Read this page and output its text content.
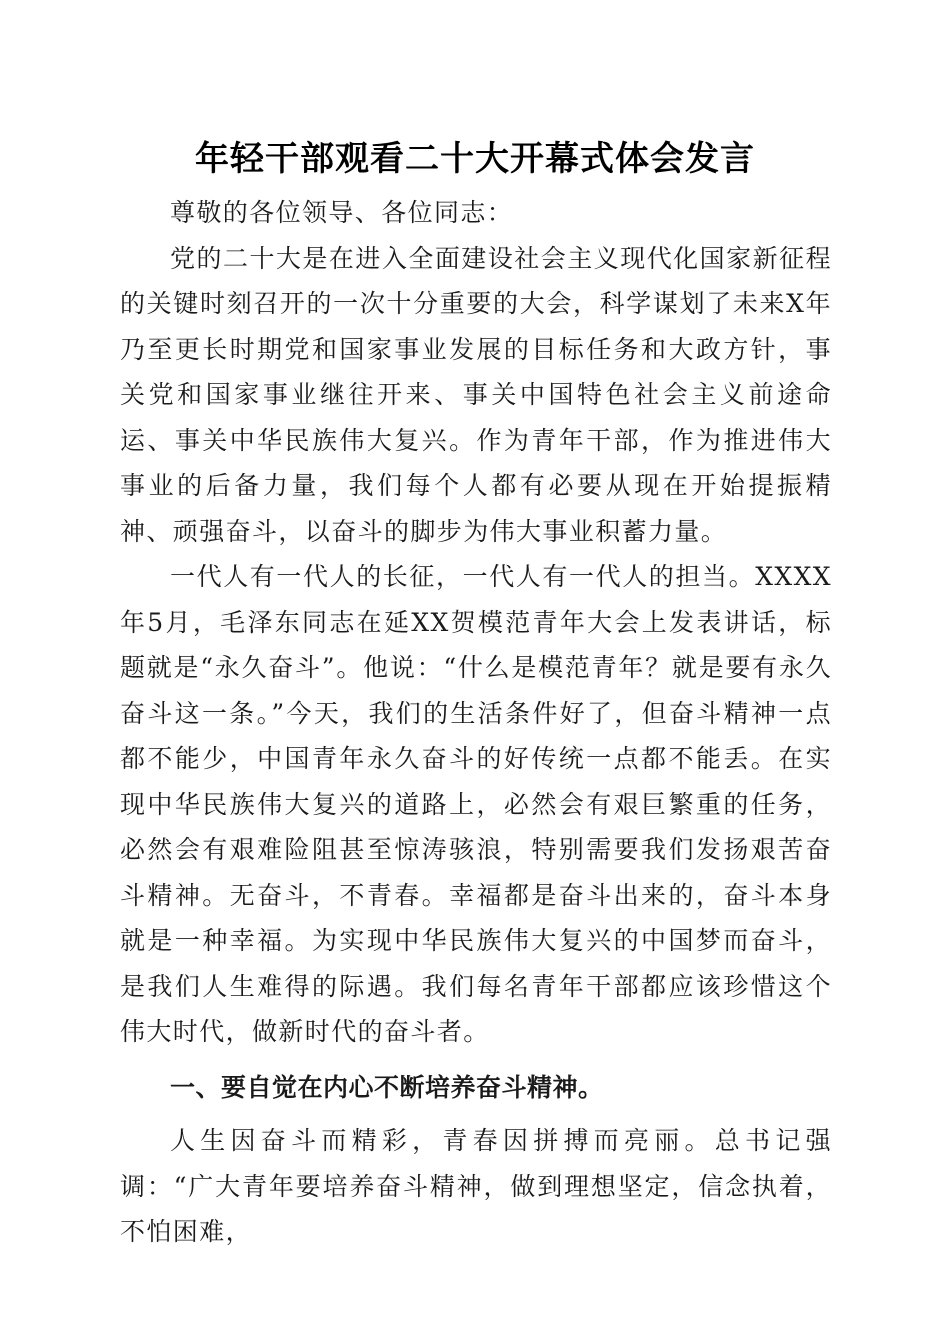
年轻干部观看二十大开幕式体会发言

尊敬的各位领导、各位同志：

党的二十大是在进入全面建设社会主义现代化国家新征程的关键时刻召开的一次十分重要的大会，科学谋划了未来X年乃至更长时期党和国家事业发展的目标任务和大政方针，事关党和国家事业继往开来、事关中国特色社会主义前途命运、事关中华民族伟大复兴。作为青年干部，作为推进伟大事业的后备力量，我们每个人都有必要从现在开始提振精神、顽强奋斗，以奋斗的脚步为伟大事业积蓄力量。

一代人有一代人的长征，一代人有一代人的担当。XXXX年5月，毛泽东同志在延XX贺模范青年大会上发表讲话，标题就是“永久奋斗”。他说：“什么是模范青年？就是要有永久奋斗这一条。”今天，我们的生活条件好了，但奋斗精神一点都不能少，中国青年永久奋斗的好传统一点都不能丢。在实现中华民族伟大复兴的道路上，必然会有艰巨繁重的任务，必然会有艰难险阻甚至惊涛骇浪，特别需要我们发扬艰苦奋斗精神。无奋斗，不青春。幸福都是奋斗出来的，奋斗本身就是一种幸福。为实现中华民族伟大复兴的中国梦而奋斗，是我们人生难得的际遇。我们每名青年干部都应该珍惜这个伟大时代，做新时代的奋斗者。

一、要自觉在内心不断培养奋斗精神。

人生因奋斗而精彩，青春因拼搏而亮丽。总书记强调：“广大青年要培养奋斗精神，做到理想坚定，信念执着，不怕困难，
